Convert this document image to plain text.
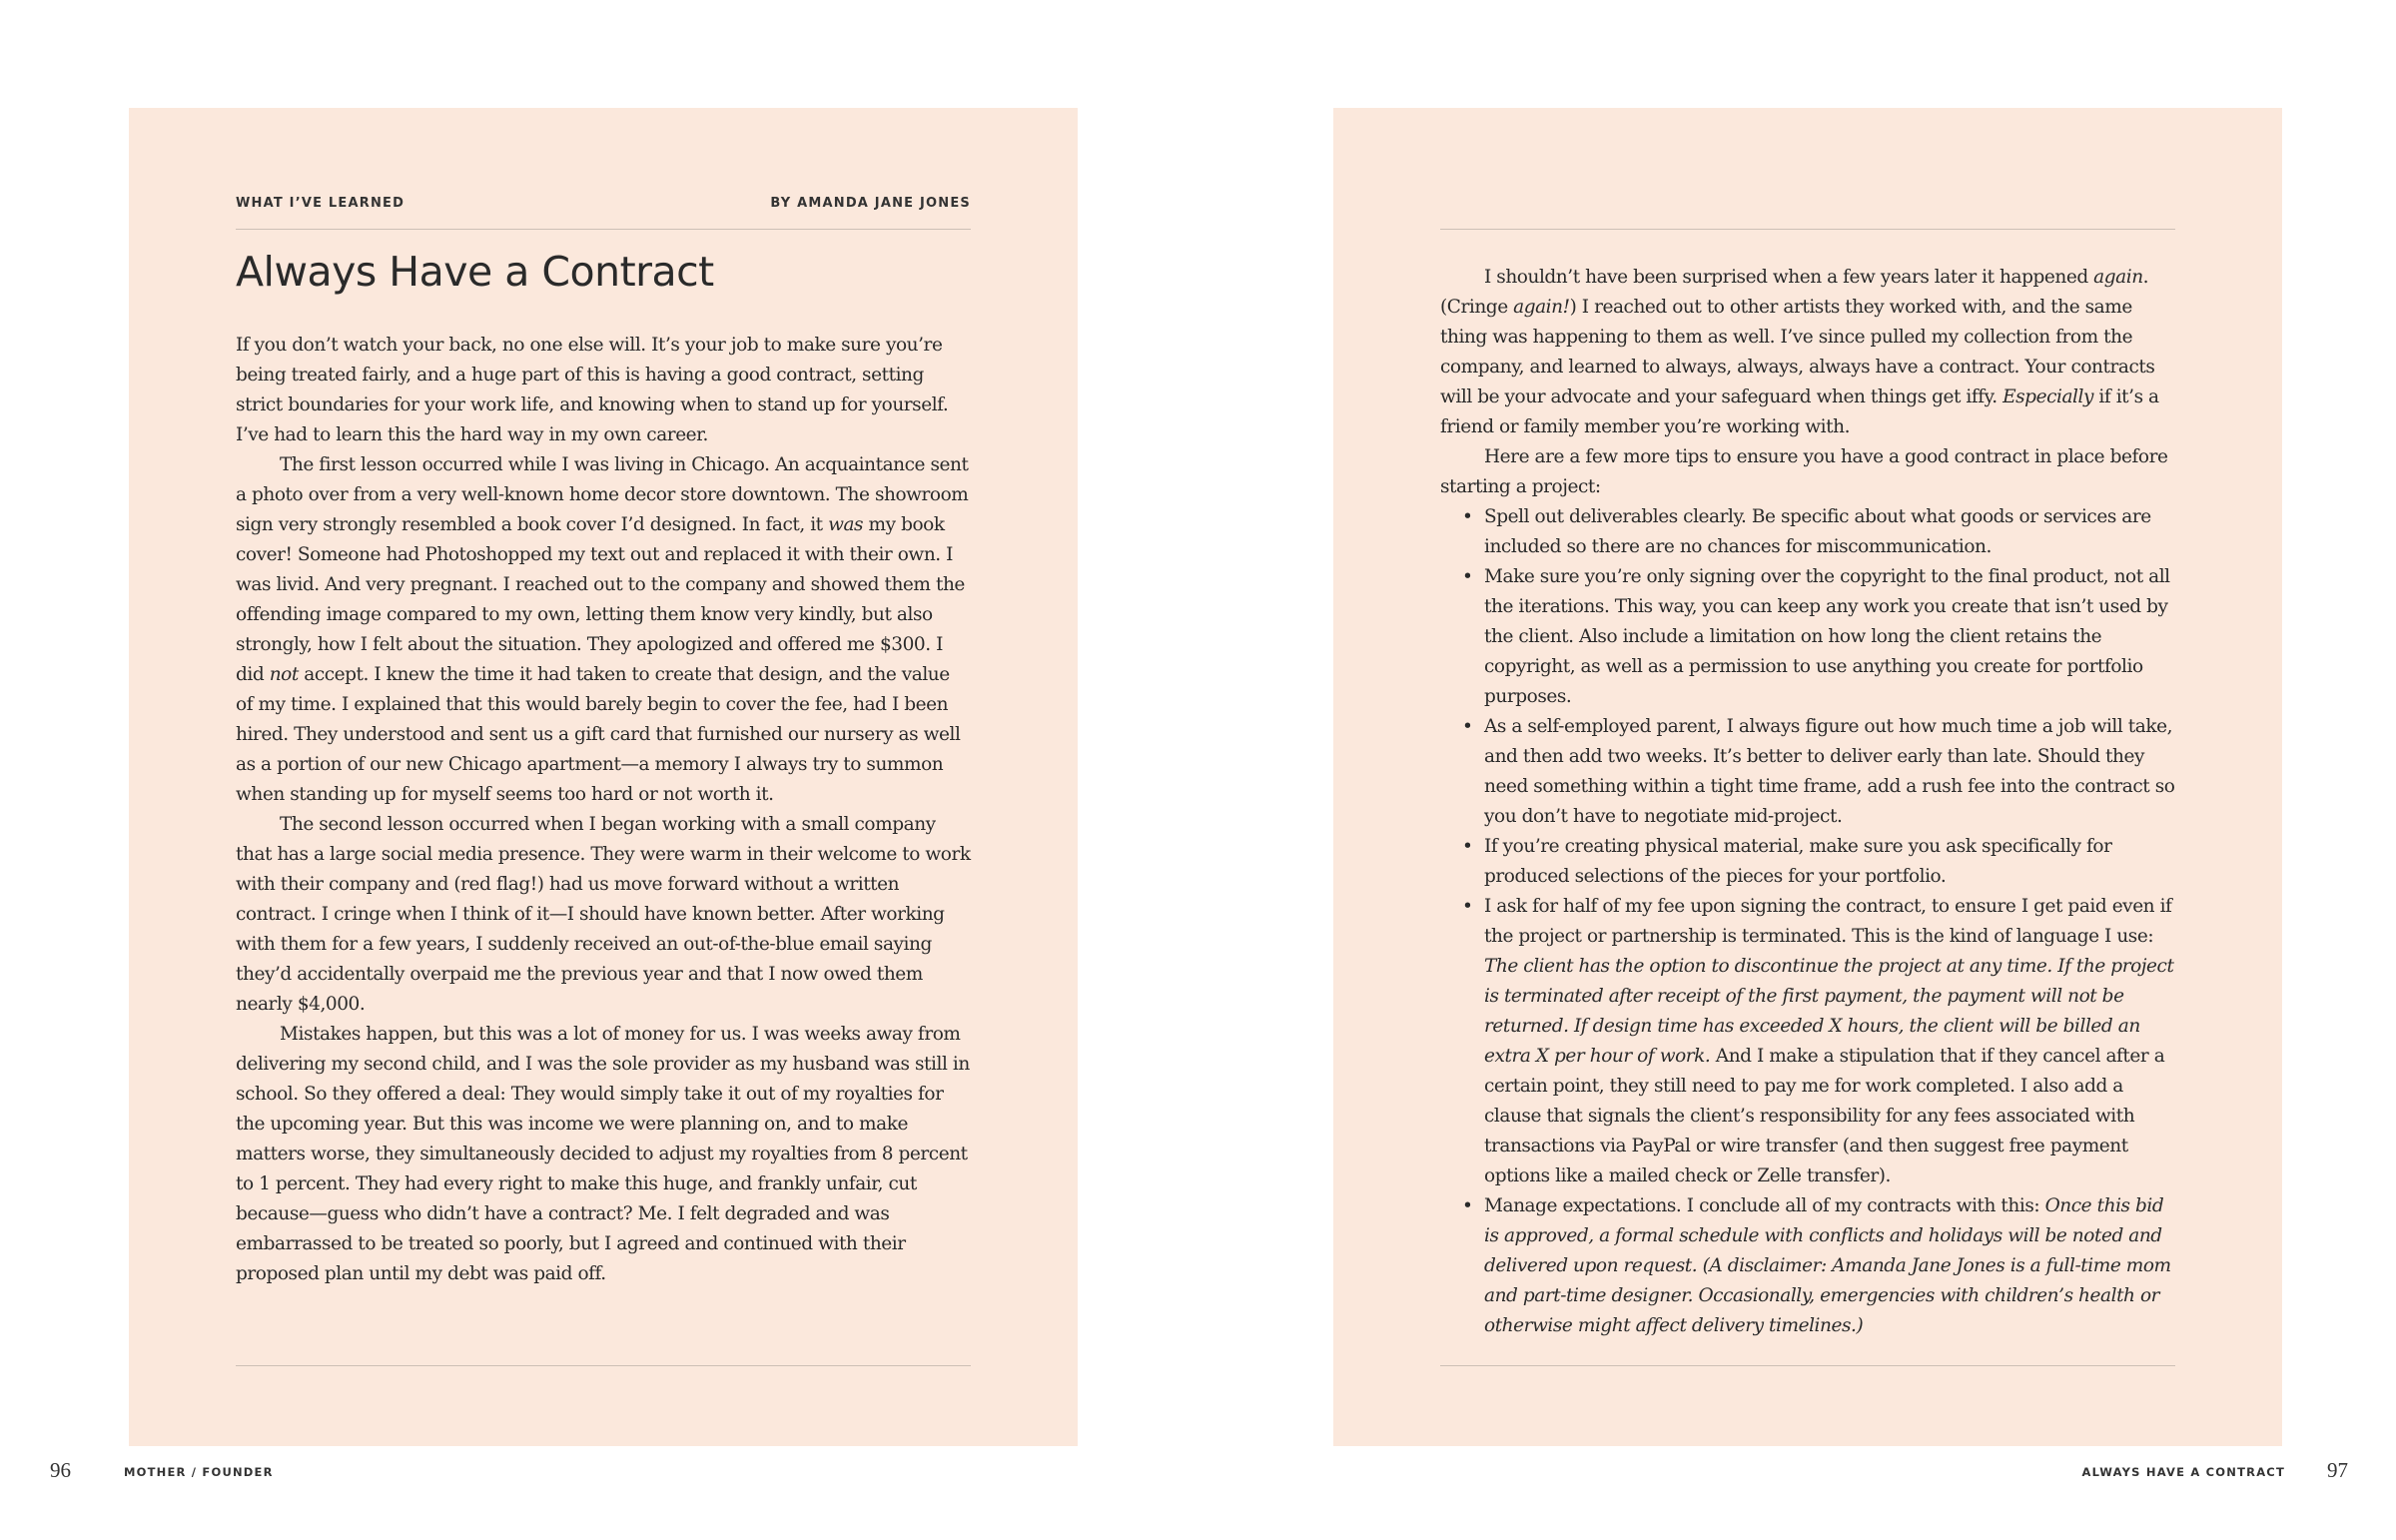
WHAT I’VE LEARNED	BY AMANDA JANE JONES
Always Have a Contract

If you don’t watch your back, no one else will. It’s your job to make sure you’re being treated fairly, and a huge part of this is having a good contract, setting strict boundaries for your work life, and knowing when to stand up for yourself. I’ve had to learn this the hard way in my own career.

The first lesson occurred while I was living in Chicago. An acquaintance sent a photo over from a very well-known home decor store downtown. The showroom sign very strongly resembled a book cover I’d designed. In fact, it was my book cover! Someone had Photoshopped my text out and replaced it with their own. I was livid. And very pregnant. I reached out to the company and showed them the offending image compared to my own, letting them know very kindly, but also strongly, how I felt about the situation. They apologized and offered me $300. I did not accept. I knew the time it had taken to create that design, and the value of my time. I explained that this would barely begin to cover the fee, had I been hired. They understood and sent us a gift card that furnished our nursery as well as a portion of our new Chicago apartment—a memory I always try to summon when standing up for myself seems too hard or not worth it.

The second lesson occurred when I began working with a small company that has a large social media presence. They were warm in their welcome to work with their company and (red flag!) had us move forward without a written contract. I cringe when I think of it—I should have known better. After working with them for a few years, I suddenly received an out-of-the-blue email saying they’d accidentally overpaid me the previous year and that I now owed them nearly $4,000.

Mistakes happen, but this was a lot of money for us. I was weeks away from delivering my second child, and I was the sole provider as my husband was still in school. So they offered a deal: They would simply take it out of my royalties for the upcoming year. But this was income we were planning on, and to make matters worse, they simultaneously decided to adjust my royalties from 8 percent to 1 percent. They had every right to make this huge, and frankly unfair, cut because—guess who didn’t have a contract? Me. I felt degraded and was embarrassed to be treated so poorly, but I agreed and continued with their proposed plan until my debt was paid off.

I shouldn’t have been surprised when a few years later it happened again. (Cringe again!) I reached out to other artists they worked with, and the same thing was happening to them as well. I’ve since pulled my collection from the company, and learned to always, always, always have a contract. Your contracts will be your advocate and your safeguard when things get iffy. Especially if it’s a friend or family member you’re working with.

Here are a few more tips to ensure you have a good contract in place before starting a project:

• Spell out deliverables clearly. Be specific about what goods or services are included so there are no chances for miscommunication.
• Make sure you’re only signing over the copyright to the final product, not all the iterations. This way, you can keep any work you create that isn’t used by the client. Also include a limitation on how long the client retains the copyright, as well as a permission to use anything you create for portfolio purposes.
• As a self-employed parent, I always figure out how much time a job will take, and then add two weeks. It’s better to deliver early than late. Should they need something within a tight time frame, add a rush fee into the contract so you don’t have to negotiate mid-project.
• If you’re creating physical material, make sure you ask specifically for produced selections of the pieces for your portfolio.
• I ask for half of my fee upon signing the contract, to ensure I get paid even if the project or partnership is terminated. This is the kind of language I use: The client has the option to discontinue the project at any time. If the project is terminated after receipt of the first payment, the payment will not be returned. If design time has exceeded X hours, the client will be billed an extra X per hour of work. And I make a stipulation that if they cancel after a certain point, they still need to pay me for work completed. I also add a clause that signals the client’s responsibility for any fees associated with transactions via PayPal or wire transfer (and then suggest free payment options like a mailed check or Zelle transfer).
• Manage expectations. I conclude all of my contracts with this: Once this bid is approved, a formal schedule with conflicts and holidays will be noted and delivered upon request. (A disclaimer: Amanda Jane Jones is a full-time mom and part-time designer. Occasionally, emergencies with children’s health or otherwise might affect delivery timelines.)
96	MOTHER / FOUNDER	ALWAYS HAVE A CONTRACT 97
